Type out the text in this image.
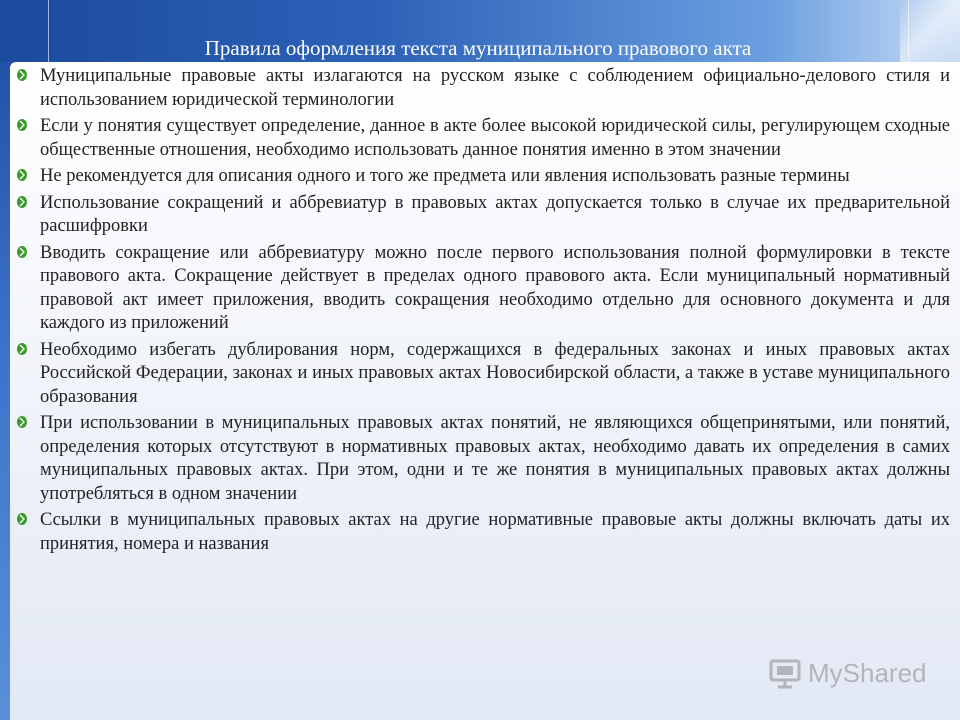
Правила оформления текста муниципального правового акта
Муниципальные правовые акты излагаются на русском языке с соблюдением официально-делового стиля и использованием юридической терминологии
Если у понятия существует определение, данное в акте более высокой юридической силы, регулирующем сходные общественные отношения, необходимо использовать данное понятия именно в этом значении
Не рекомендуется для описания одного и того же предмета или явления использовать разные термины
Использование сокращений и аббревиатур в правовых актах допускается только в случае их предварительной расшифровки
Вводить сокращение или аббревиатуру можно после первого использования полной формулировки в тексте правового акта. Сокращение действует в пределах одного правового акта. Если муниципальный нормативный правовой акт имеет приложения, вводить сокращения необходимо отдельно для основного документа и для каждого из приложений
Необходимо избегать дублирования норм, содержащихся в федеральных законах и иных правовых актах Российской Федерации, законах и иных правовых актах Новосибирской области, а также в уставе муниципального образования
При использовании в муниципальных правовых актах понятий, не являющихся общепринятыми, или понятий, определения которых отсутствуют в нормативных правовых актах, необходимо давать их определения в самих муниципальных правовых актах. При этом, одни и те же понятия в муниципальных правовых актах должны употребляться в одном значении
Ссылки в муниципальных правовых актах на другие нормативные правовые акты должны включать даты их принятия, номера и названия
MyShared
